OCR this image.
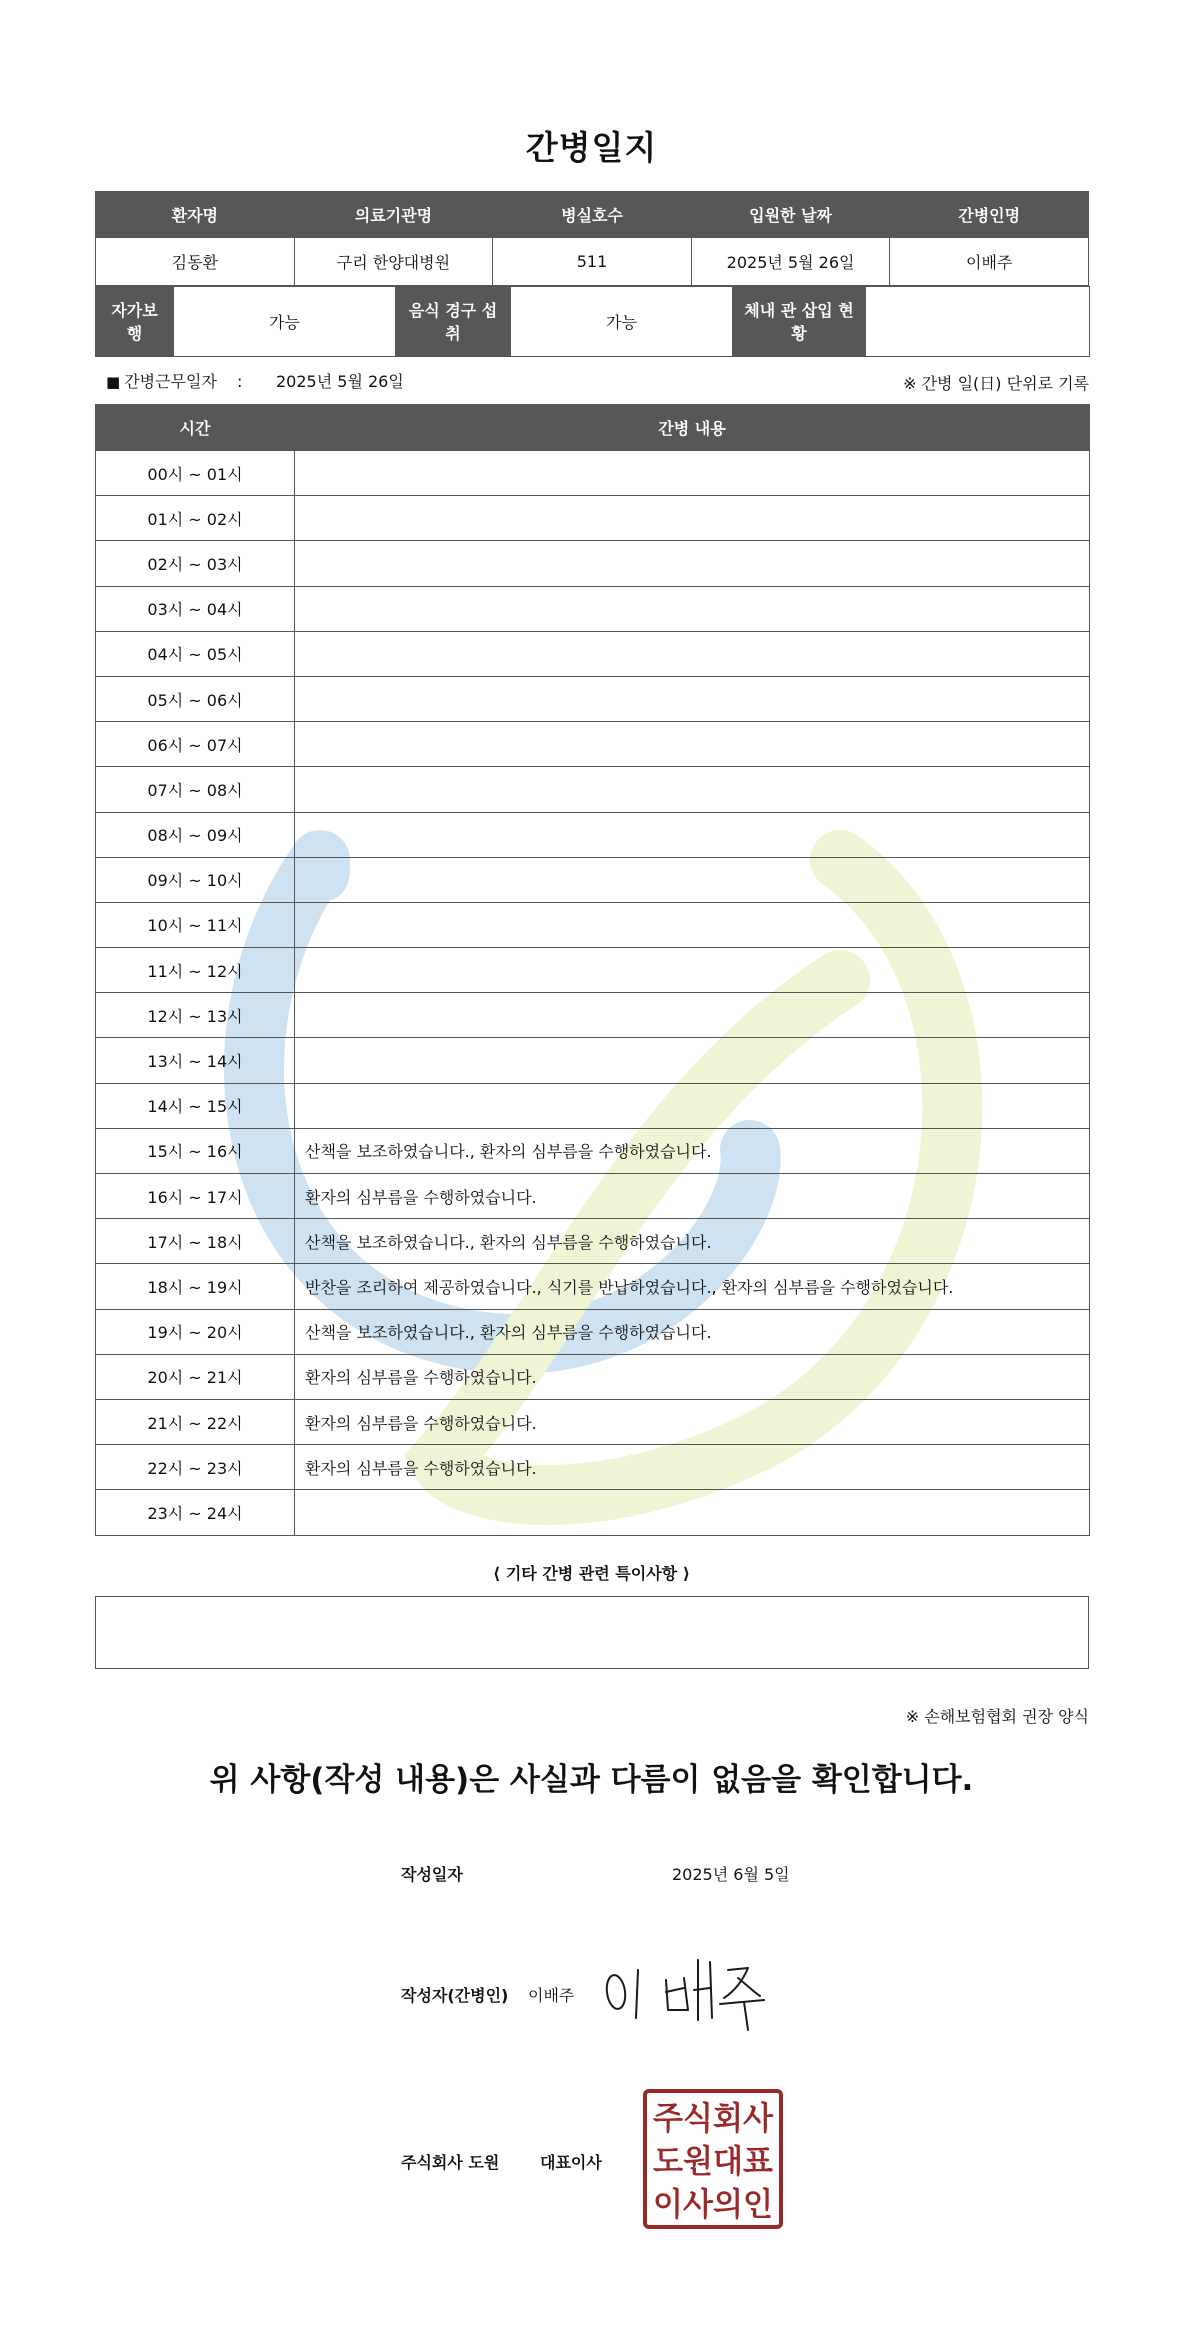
간병일지
환자명	의료기관명	병실호수	입원한 날짜	간병인명
김동환	구리 한양대병원	511	2025년 5월 26일	이배주
자가보행	가능	음식 경구 섭취	가능	체내 관 삽입 현황	
■ 간병근무일자 : 2025년 5월 26일	※ 간병 일(日) 단위로 기록
시간	간병 내용
00시 ~ 01시	
01시 ~ 02시	
02시 ~ 03시	
03시 ~ 04시	
04시 ~ 05시	
05시 ~ 06시	
06시 ~ 07시	
07시 ~ 08시	
08시 ~ 09시	
09시 ~ 10시	
10시 ~ 11시	
11시 ~ 12시	
12시 ~ 13시	
13시 ~ 14시	
14시 ~ 15시	
15시 ~ 16시	산책을 보조하였습니다., 환자의 심부름을 수행하였습니다.
16시 ~ 17시	환자의 심부름을 수행하였습니다.
17시 ~ 18시	산책을 보조하였습니다., 환자의 심부름을 수행하였습니다.
18시 ~ 19시	반찬을 조리하여 제공하였습니다., 식기를 반납하였습니다., 환자의 심부름을 수행하였습니다.
19시 ~ 20시	산책을 보조하였습니다., 환자의 심부름을 수행하였습니다.
20시 ~ 21시	환자의 심부름을 수행하였습니다.
21시 ~ 22시	환자의 심부름을 수행하였습니다.
22시 ~ 23시	환자의 심부름을 수행하였습니다.
23시 ~ 24시	
⟨ 기타 간병 관련 특이사항 ⟩
※ 손해보험협회 권장 양식
위 사항(작성 내용)은 사실과 다름이 없음을 확인합니다.
작성일자	2025년 6월 5일
작성자(간병인) 이배주
주식회사 도원	대표이사
주식회사
도원대표
이사의인
